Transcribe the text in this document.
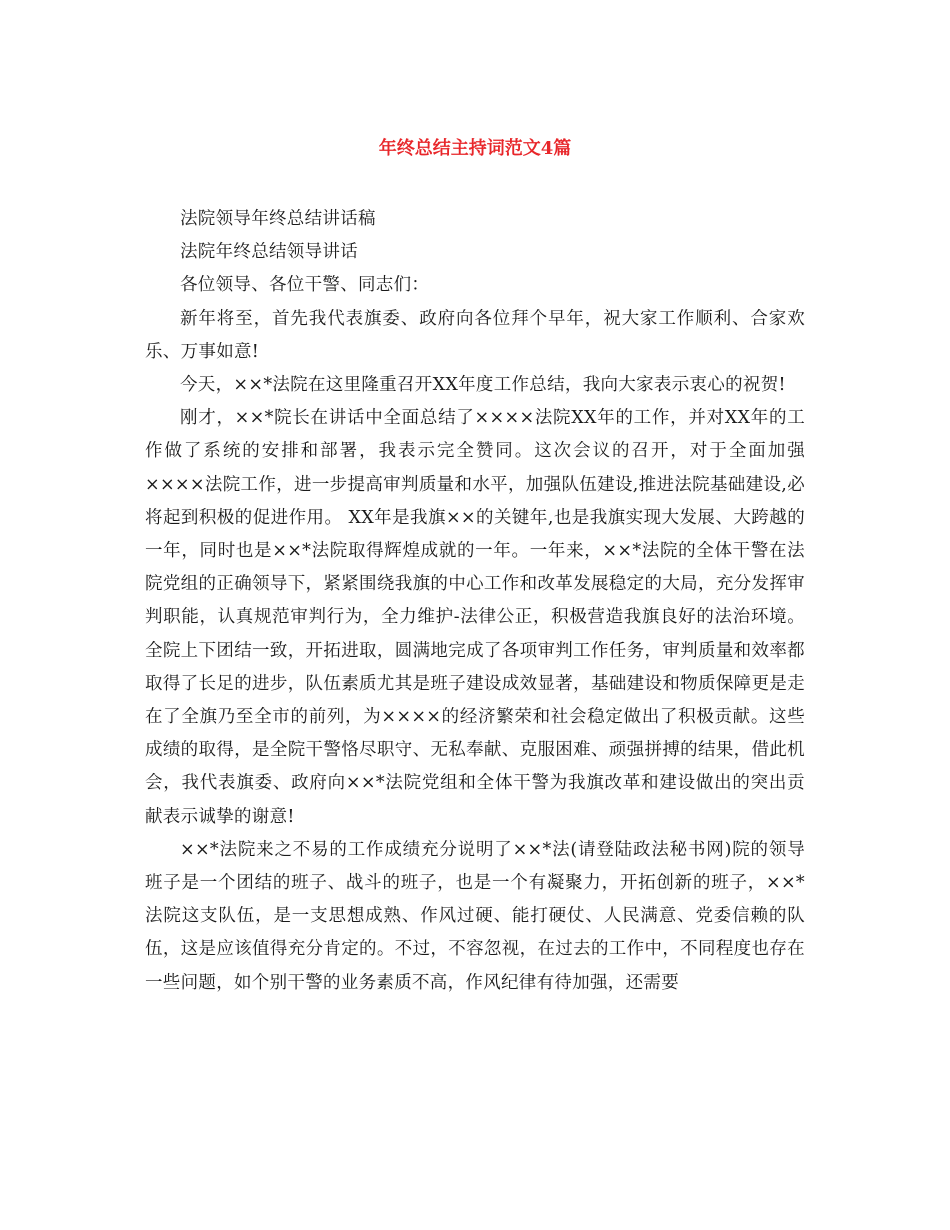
年终总结主持词范文4篇

法院领导年终总结讲话稿

法院年终总结领导讲话

各位领导、各位干警、同志们：

新年将至，首先我代表旗委、政府向各位拜个早年，祝大家工作顺利、合家欢乐、万事如意!

今天，××*法院在这里隆重召开XX年度工作总结，我向大家表示衷心的祝贺!

刚才，××*院长在讲话中全面总结了××××法院XX年的工作，并对XX年的工作做了系统的安排和部署，我表示完全赞同。这次会议的召开，对于全面加强××××法院工作，进一步提高审判质量和水平，加强队伍建设,推进法院基础建设,必将起到积极的促进作用。 XX年是我旗××的关键年,也是我旗实现大发展、大跨越的一年，同时也是××*法院取得辉煌成就的一年。一年来，××*法院的全体干警在法院党组的正确领导下，紧紧围绕我旗的中心工作和改革发展稳定的大局，充分发挥审判职能，认真规范审判行为，全力维护-法律公正，积极营造我旗良好的法治环境。全院上下团结一致，开拓进取，圆满地完成了各项审判工作任务，审判质量和效率都取得了长足的进步，队伍素质尤其是班子建设成效显著，基础建设和物质保障更是走在了全旗乃至全市的前列，为××××的经济繁荣和社会稳定做出了积极贡献。这些成绩的取得，是全院干警恪尽职守、无私奉献、克服困难、顽强拼搏的结果，借此机会，我代表旗委、政府向××*法院党组和全体干警为我旗改革和建设做出的突出贡献表示诚挚的谢意!

××*法院来之不易的工作成绩充分说明了××*法(请登陆政法秘书网)院的领导班子是一个团结的班子、战斗的班子，也是一个有凝聚力，开拓创新的班子，××*法院这支队伍，是一支思想成熟、作风过硬、能打硬仗、人民满意、党委信赖的队伍，这是应该值得充分肯定的。不过，不容忽视，在过去的工作中，不同程度也存在一些问题，如个别干警的业务素质不高，作风纪律有待加强，还需要
